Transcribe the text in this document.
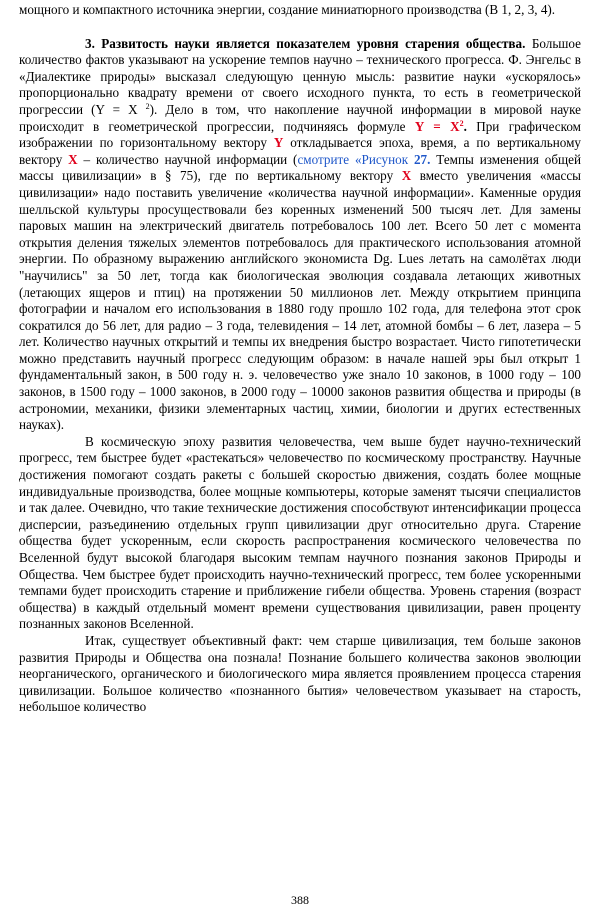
мощного и компактного источника энергии, создание миниатюрного производства (В 1, 2, 3, 4).

3. Развитость науки является показателем уровня старения общества. Большое количество фактов указывают на ускорение темпов научно – технического прогресса. Ф. Энгельс в «Диалектике природы» высказал следующую ценную мысль: развитие науки «ускорялось» пропорционально квадрату времени от своего исходного пункта, то есть в геометрической прогрессии (Y = X $^2$). Дело в том, что накопление научной информации в мировой науке происходит в геометрической прогрессии, подчиняясь формуле $Y = X^2$. При графическом изображении по горизонтальному вектору Y откладывается эпоха, время, а по вертикальному вектору X – количество научной информации (смотрите «Рисунок 27. Темпы изменения общей массы цивилизации» в § 75), где по вертикальному вектору X вместо увеличения «массы цивилизации» надо поставить увеличение «количества научной информации». Каменные орудия шелльской культуры просуществовали без коренных изменений 500 тысяч лет. Для замены паровых машин на электрический двигатель потребовалось 100 лет. Всего 50 лет с момента открытия деления тяжелых элементов потребовалось для практического использования атомной энергии. По образному выражению английского экономиста Dg. Lues летать на самолётах люди "научились" за 50 лет, тогда как биологическая эволюция создавала летающих животных (летающих ящеров и птиц) на протяжении 50 миллионов лет. Между открытием принципа фотографии и началом его использования в 1880 году прошло 102 года, для телефона этот срок сократился до 56 лет, для радио – 3 года, телевидения – 14 лет, атомной бомбы – 6 лет, лазера – 5 лет. Количество научных открытий и темпы их внедрения быстро возрастает. Чисто гипотетически можно представить научный прогресс следующим образом: в начале нашей эры был открыт 1 фундаментальный закон, в 500 году н. э. человечество уже знало 10 законов, в 1000 году – 100 законов, в 1500 году – 1000 законов, в 2000 году – 10000 законов развития общества и природы (в астрономии, механики, физики элементарных частиц, химии, биологии и других естественных науках).

В космическую эпоху развития человечества, чем выше будет научно-технический прогресс, тем быстрее будет «растекаться» человечество по космическому пространству. Научные достижения помогают создать ракеты с большей скоростью движения, создать более мощные индивидуальные производства, более мощные компьютеры, которые заменят тысячи специалистов и так далее. Очевидно, что такие технические достижения способствуют интенсификации процесса дисперсии, разъединению отдельных групп цивилизации друг относительно друга. Старение общества будет ускоренным, если скорость распространения космического человечества по Вселенной будут высокой благодаря высоким темпам научного познания законов Природы и Общества. Чем быстрее будет происходить научно-технический прогресс, тем более ускоренными темпами будет происходить старение и приближение гибели общества. Уровень старения (возраст общества) в каждый отдельный момент времени существования цивилизации, равен проценту познанных законов Вселенной.

Итак, существует объективный факт: чем старше цивилизация, тем больше законов развития Природы и Общества она познала! Познание большего количества законов эволюции неорганического, органического и биологического мира является проявлением процесса старения цивилизации. Большое количество «познанного бытия» человечеством указывает на старость, небольшое количество

388
